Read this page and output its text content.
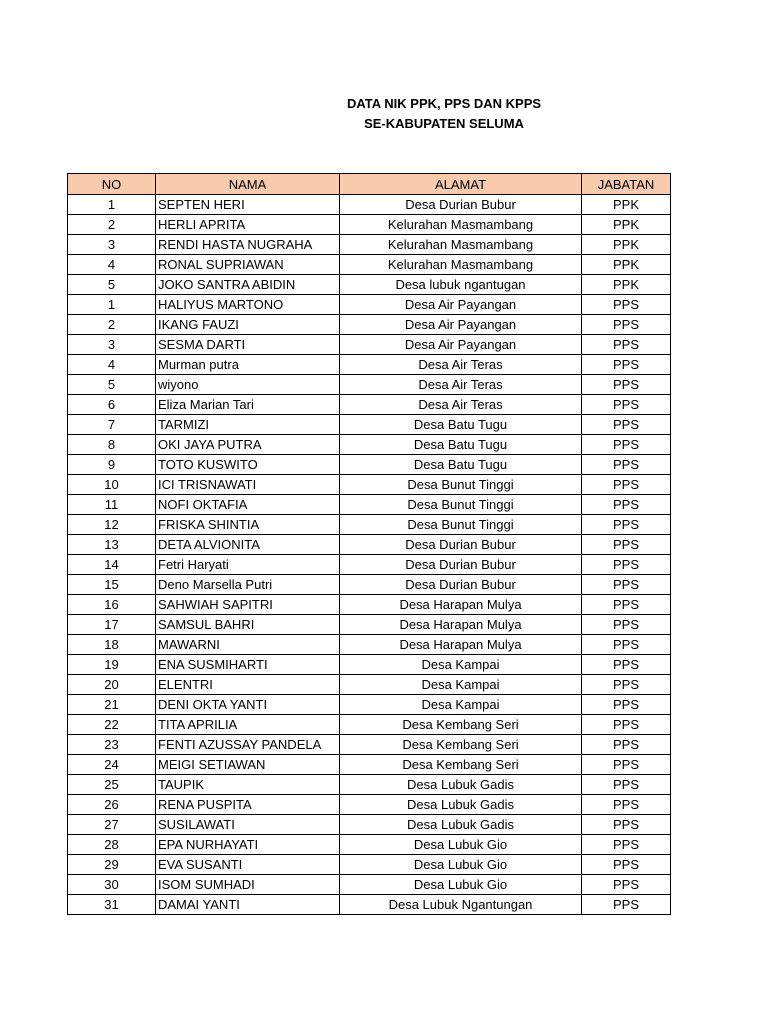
DATA NIK PPK, PPS DAN KPPS
SE-KABUPATEN SELUMA
NO	NAMA	ALAMAT	JABATAN
1	SEPTEN HERI	Desa Durian Bubur	PPK
2	HERLI APRITA	Kelurahan Masmambang	PPK
3	RENDI HASTA NUGRAHA	Kelurahan Masmambang	PPK
4	RONAL SUPRIAWAN	Kelurahan Masmambang	PPK
5	JOKO SANTRA ABIDIN	Desa lubuk ngantugan	PPK
1	HALIYUS MARTONO	Desa Air Payangan	PPS
2	IKANG FAUZI	Desa Air Payangan	PPS
3	SESMA DARTI	Desa Air Payangan	PPS
4	Murman putra	Desa Air Teras	PPS
5	wiyono	Desa Air Teras	PPS
6	Eliza Marian Tari	Desa Air Teras	PPS
7	TARMIZI	Desa Batu Tugu	PPS
8	OKI JAYA PUTRA	Desa Batu Tugu	PPS
9	TOTO KUSWITO	Desa Batu Tugu	PPS
10	ICI TRISNAWATI	Desa Bunut Tinggi	PPS
11	NOFI OKTAFIA	Desa Bunut Tinggi	PPS
12	FRISKA SHINTIA	Desa Bunut Tinggi	PPS
13	DETA ALVIONITA	Desa Durian Bubur	PPS
14	Fetri Haryati	Desa Durian Bubur	PPS
15	Deno Marsella Putri	Desa Durian Bubur	PPS
16	SAHWIAH SAPITRI	Desa Harapan Mulya	PPS
17	SAMSUL BAHRI	Desa Harapan Mulya	PPS
18	MAWARNI	Desa Harapan Mulya	PPS
19	ENA SUSMIHARTI	Desa Kampai	PPS
20	ELENTRI	Desa Kampai	PPS
21	DENI OKTA YANTI	Desa Kampai	PPS
22	TITA APRILIA	Desa Kembang Seri	PPS
23	FENTI AZUSSAY PANDELA	Desa Kembang Seri	PPS
24	MEIGI SETIAWAN	Desa Kembang Seri	PPS
25	TAUPIK	Desa Lubuk Gadis	PPS
26	RENA PUSPITA	Desa Lubuk Gadis	PPS
27	SUSILAWATI	Desa Lubuk Gadis	PPS
28	EPA NURHAYATI	Desa Lubuk Gio	PPS
29	EVA SUSANTI	Desa Lubuk Gio	PPS
30	ISOM SUMHADI	Desa Lubuk Gio	PPS
31	DAMAI YANTI	Desa Lubuk Ngantungan	PPS
